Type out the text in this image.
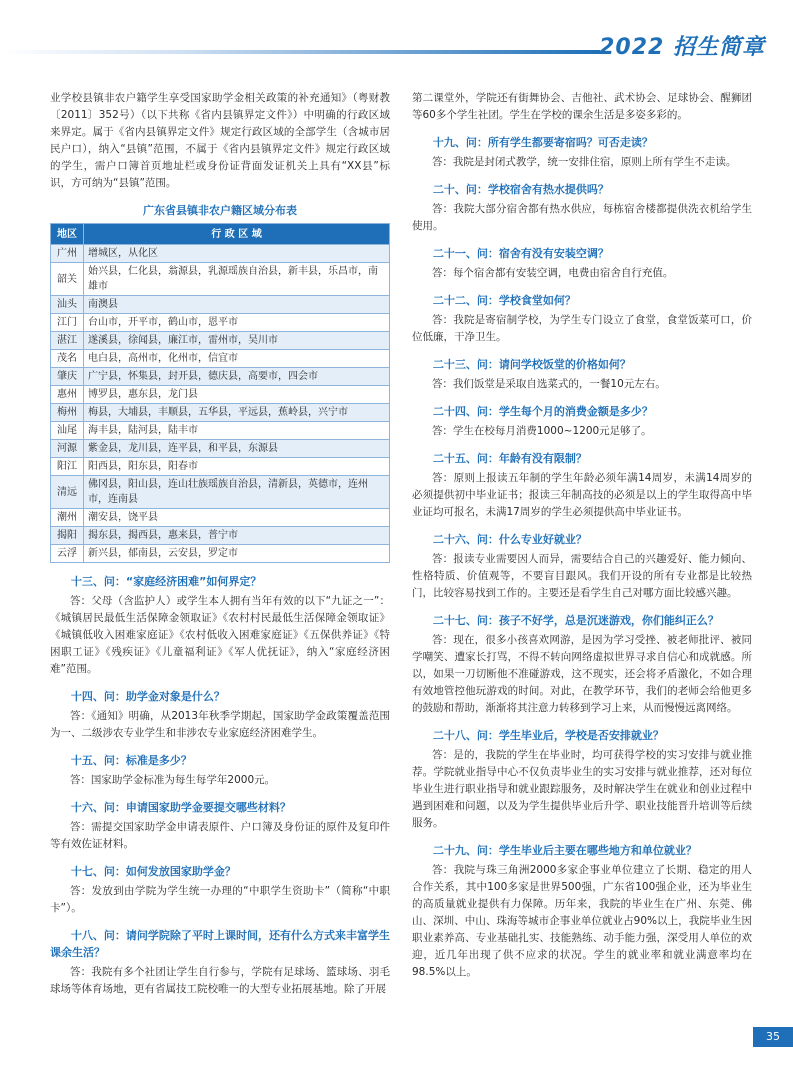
2022 招生简章

业学校县镇非农户籍学生享受国家助学金相关政策的补充通知》（粤财教〔2011〕352号）（以下共称《省内县镇界定文件》）中明确的行政区域来界定。属于《省内县镇界定文件》规定行政区域的全部学生（含城市居民户口），纳入“县镇”范围，不属于《省内县镇界定文件》规定行政区域的学生，需户口簿首页地址栏或身份证背面发证机关上具有“XX县”标识，方可纳为“县镇”范围。

广东省县镇非农户籍区域分布表
地区	行 政 区 域
广州	增城区，从化区
韶关	始兴县，仁化县，翁源县，乳源瑶族自治县，新丰县，乐昌市，南雄市
汕头	南澳县
江门	台山市，开平市，鹤山市，恩平市
湛江	遂溪县，徐闻县，廉江市，雷州市，吴川市
茂名	电白县，高州市，化州市，信宜市
肇庆	广宁县，怀集县，封开县，德庆县，高要市，四会市
惠州	博罗县，惠东县，龙门县
梅州	梅县，大埔县，丰顺县，五华县，平远县，蕉岭县，兴宁市
汕尾	海丰县，陆河县，陆丰市
河源	紫金县，龙川县，连平县，和平县，东源县
阳江	阳西县，阳东县，阳春市
清远	佛冈县，阳山县，连山壮族瑶族自治县，清新县，英德市，连州市，连南县
潮州	潮安县，饶平县
揭阳	揭东县，揭西县，惠来县，普宁市
云浮	新兴县，郁南县，云安县，罗定市

十三、问：“家庭经济困难”如何界定？

答：父母（含监护人）或学生本人拥有当年有效的以下“九证之一”：《城镇居民最低生活保障金领取证》《农村村民最低生活保障金领取证》《城镇低收入困难家庭证》《农村低收入困难家庭证》《五保供养证》《特困职工证》《残疾证》《儿童福利证》《军人优抚证》，纳入“家庭经济困难”范围。

十四、问：助学金对象是什么？

答：《通知》明确，从2013年秋季学期起，国家助学金政策覆盖范围为一、二级涉农专业学生和非涉农专业家庭经济困难学生。

十五、问：标准是多少？

答：国家助学金标准为每生每学年2000元。

十六、问：申请国家助学金要提交哪些材料？

答：需提交国家助学金申请表原件、户口簿及身份证的原件及复印件等有效佐证材料。

十七、问：如何发放国家助学金？

答：发放到由学院为学生统一办理的“中职学生资助卡”（简称“中职卡”）。

十八、问：请问学院除了平时上课时间，还有什么方式来丰富学生课余生活？

答：我院有多个社团让学生自行参与，学院有足球场、篮球场、羽毛球场等体育场地，更有省属技工院校唯一的大型专业拓展基地。除了开展

第二课堂外，学院还有街舞协会、吉他社、武术协会、足球协会、醒狮团等60多个学生社团。学生在学校的课余生活是多姿多彩的。

十九、问：所有学生都要寄宿吗？可否走读？

答：我院是封闭式教学，统一安排住宿，原则上所有学生不走读。

二十、问：学校宿舍有热水提供吗？

答：我院大部分宿舍都有热水供应，每栋宿舍楼都提供洗衣机给学生使用。

二十一、问：宿舍有没有安装空调？

答：每个宿舍都有安装空调，电费由宿舍自行充值。

二十二、问：学校食堂如何？

答：我院是寄宿制学校，为学生专门设立了食堂，食堂饭菜可口，价位低廉，干净卫生。

二十三、问：请问学校饭堂的价格如何？

答：我们饭堂是采取自选菜式的，一餐10元左右。

二十四、问：学生每个月的消费金额是多少？

答：学生在校每月消费1000~1200元足够了。

二十五、问：年龄有没有限制？

答：原则上报读五年制的学生年龄必须年满14周岁，未满14周岁的必须提供初中毕业证书；报读三年制高技的必须是以上的学生取得高中毕业证均可报名，未满17周岁的学生必须提供高中毕业证书。

二十六、问：什么专业好就业？

答：报读专业需要因人而异，需要结合自己的兴趣爱好、能力倾向、性格特质、价值观等，不要盲目跟风。我们开设的所有专业都是比较热门，比较容易找到工作的。主要还是看学生自己对哪方面比较感兴趣。

二十七、问：孩子不好学，总是沉迷游戏，你们能纠正么？

答：现在，很多小孩喜欢网游，是因为学习受挫、被老师批评、被同学嘲笑、遭家长打骂，不得不转向网络虚拟世界寻求自信心和成就感。所以，如果一刀切断他不准碰游戏，这不现实，还会将矛盾激化，不如合理有效地管控他玩游戏的时间。对此，在教学环节，我们的老师会给他更多的鼓励和帮助，渐渐将其注意力转移到学习上来，从而慢慢远离网络。

二十八、问：学生毕业后，学校是否安排就业？

答：是的，我院的学生在毕业时，均可获得学校的实习安排与就业推荐。学院就业指导中心不仅负责毕业生的实习安排与就业推荐，还对每位毕业生进行职业指导和就业跟踪服务，及时解决学生在就业和创业过程中遇到困难和问题，以及为学生提供毕业后升学、职业技能晋升培训等后续服务。

二十九、问：学生毕业后主要在哪些地方和单位就业？

答：我院与珠三角洲2000多家企事业单位建立了长期、稳定的用人合作关系，其中100多家是世界500强，广东省100强企业，还为毕业生的高质量就业提供有力保障。历年来，我院的毕业生在广州、东莞、佛山、深圳、中山、珠海等城市企事业单位就业占90%以上，我院毕业生因职业素养高、专业基础扎实、技能熟练、动手能力强，深受用人单位的欢迎，近几年出现了供不应求的状况。学生的就业率和就业满意率均在98.5%以上。

35
